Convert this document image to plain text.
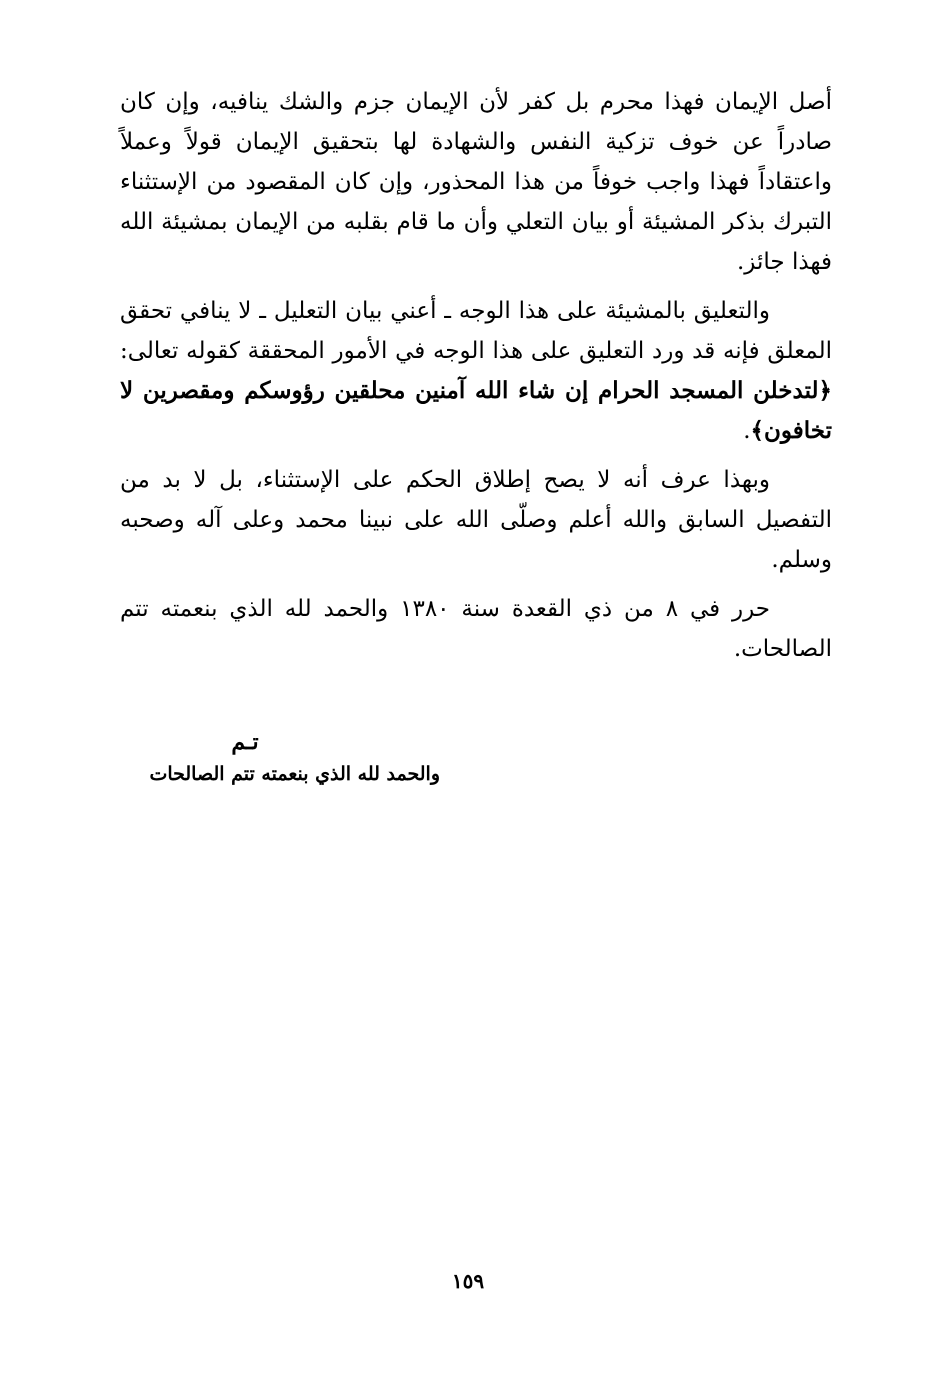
أصل الإيمان فهذا محرم بل كفر لأن الإيمان جزم والشك ينافيه، وإن كان صادراً عن خوف تزكية النفس والشهادة لها بتحقيق الإيمان قولاً وعملاً واعتقاداً فهذا واجب خوفاً من هذا المحذور، وإن كان المقصود من الإستثناء التبرك بذكر المشيئة أو بيان التعلي وأن ما قام بقلبه من الإيمان بمشيئة الله فهذا جائز.

والتعليق بالمشيئة على هذا الوجه ـ أعني بيان التعليل ـ لا ينافي تحقق المعلق فإنه قد ورد التعليق على هذا الوجه في الأمور المحققة كقوله تعالى: ﴿لتدخلن المسجد الحرام إن شاء الله آمنين محلقين رؤوسكم ومقصرين لا تخافون﴾.

وبهذا عرف أنه لا يصح إطلاق الحكم على الإستثناء، بل لا بد من التفصيل السابق والله أعلم وصلّى الله على نبينا محمد وعلى آله وصحبه وسلم.

حرر في ٨ من ذي القعدة سنة ١٣٨٠ والحمد لله الذي بنعمته تتم الصالحات.

تـم
والحمد لله الذي بنعمته تتم الصالحات
١٥٩
